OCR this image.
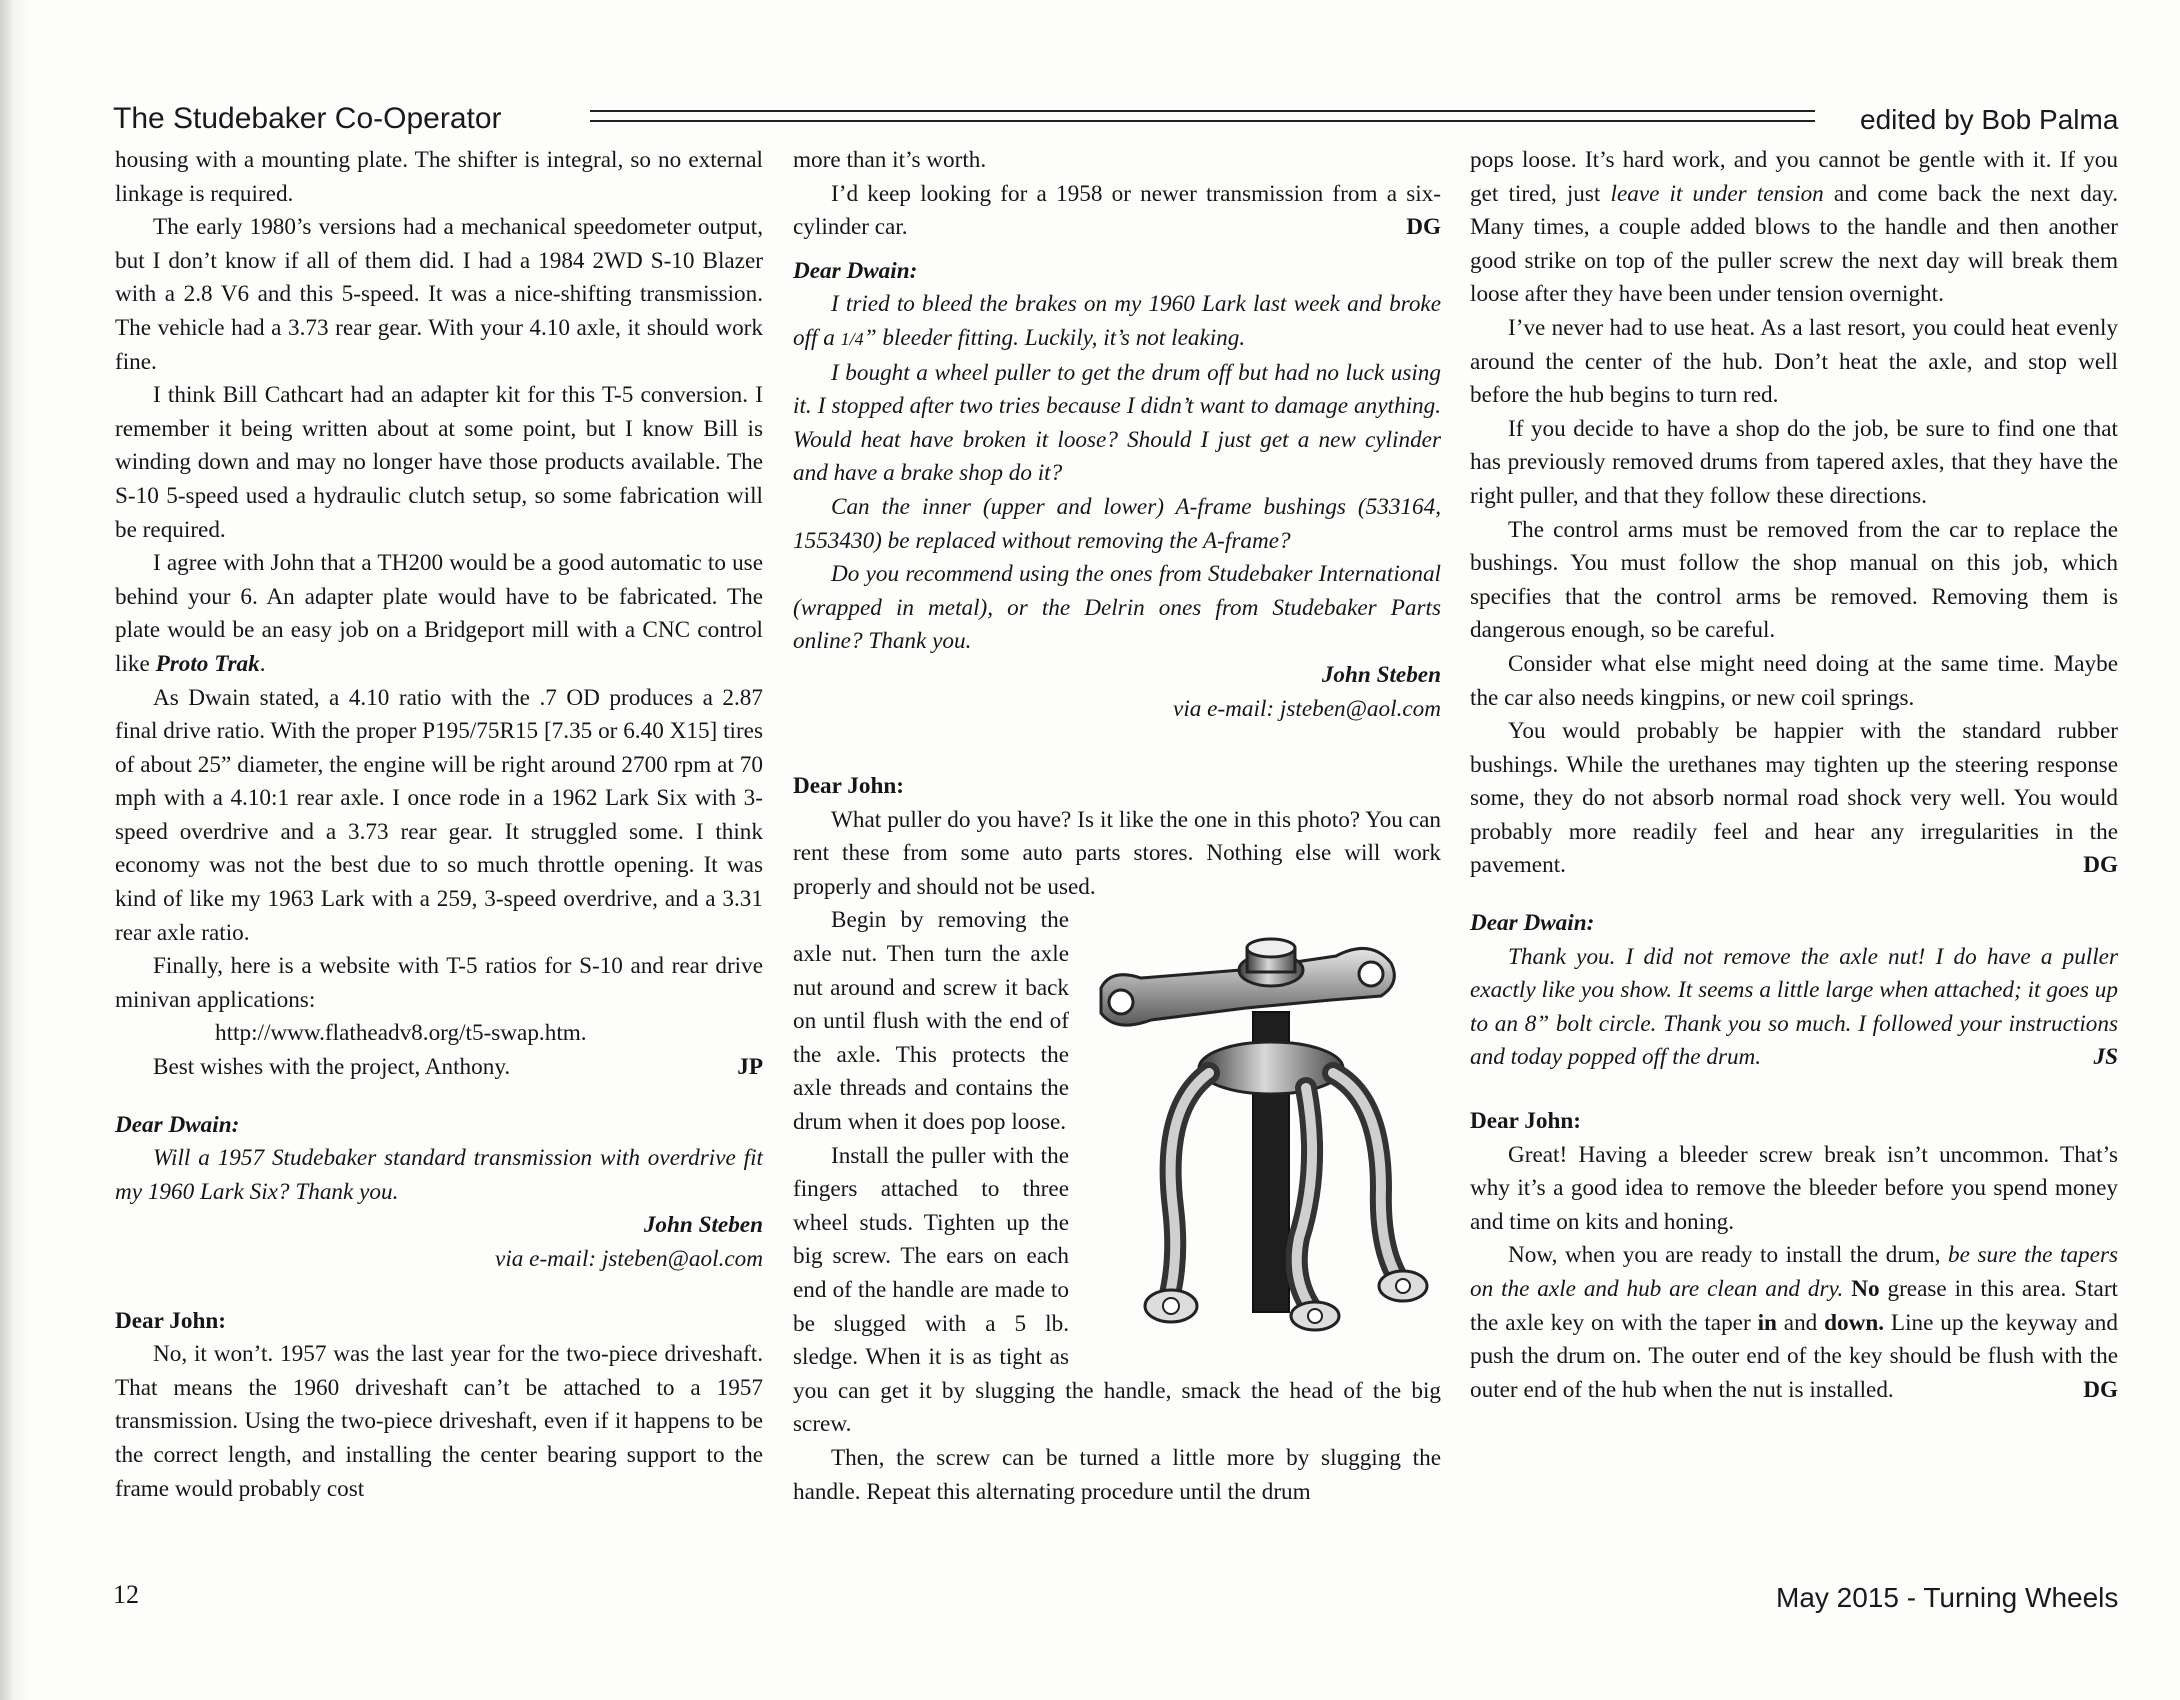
The Studebaker Co-Operator	edited by Bob Palma

housing with a mounting plate. The shifter is integral, so no external linkage is required.

The early 1980’s versions had a mechanical speedometer output, but I don’t know if all of them did. I had a 1984 2WD S-10 Blazer with a 2.8 V6 and this 5-speed. It was a nice-shifting transmission. The vehicle had a 3.73 rear gear. With your 4.10 axle, it should work fine.

I think Bill Cathcart had an adapter kit for this T-5 conversion. I remember it being written about at some point, but I know Bill is winding down and may no longer have those products available. The S-10 5-speed used a hydraulic clutch setup, so some fabrication will be required.

I agree with John that a TH200 would be a good automatic to use behind your 6. An adapter plate would have to be fabricated. The plate would be an easy job on a Bridgeport mill with a CNC control like Proto Trak.

As Dwain stated, a 4.10 ratio with the .7 OD produces a 2.87 final drive ratio. With the proper P195/75R15 [7.35 or 6.40 X15] tires of about 25” diameter, the engine will be right around 2700 rpm at 70 mph with a 4.10:1 rear axle. I once rode in a 1962 Lark Six with 3-speed overdrive and a 3.73 rear gear. It struggled some. I think economy was not the best due to so much throttle opening. It was kind of like my 1963 Lark with a 259, 3-speed overdrive, and a 3.31 rear axle ratio.

Finally, here is a website with T-5 ratios for S-10 and rear drive minivan applications:

http://www.flatheadv8.org/t5-swap.htm.

Best wishes with the project, Anthony.	JP

Dear Dwain:

Will a 1957 Studebaker standard transmission with overdrive fit my 1960 Lark Six? Thank you.

John Steben

via e-mail: jsteben@aol.com

Dear John:

No, it won’t. 1957 was the last year for the two-piece driveshaft. That means the 1960 driveshaft can’t be attached to a 1957 transmission. Using the two-piece driveshaft, even if it happens to be the correct length, and installing the center bearing support to the frame would probably cost

more than it’s worth.

I’d keep looking for a 1958 or newer transmission from a six-cylinder car.	DG

Dear Dwain:

I tried to bleed the brakes on my 1960 Lark last week and broke off a 1/4” bleeder fitting. Luckily, it’s not leaking.

I bought a wheel puller to get the drum off but had no luck using it. I stopped after two tries because I didn’t want to damage anything. Would heat have broken it loose? Should I just get a new cylinder and have a brake shop do it?

Can the inner (upper and lower) A-frame bushings (533164, 1553430) be replaced without removing the A-frame?

Do you recommend using the ones from Studebaker International (wrapped in metal), or the Delrin ones from Studebaker Parts online? Thank you.

John Steben

via e-mail: jsteben@aol.com

Dear John:

What puller do you have? Is it like the one in this photo? You can rent these from some auto parts stores. Nothing else will work properly and should not be used.

Begin by removing the axle nut. Then turn the axle nut around and screw it back on until flush with the end of the axle. This protects the axle threads and contains the drum when it does pop loose.

Install the puller with the fingers attached to three wheel studs. Tighten up the big screw. The ears on each end of the handle are made to be slugged with a 5 lb. sledge. When it is as tight as you can get it by slugging the handle, smack the head of the big screw.

Then, the screw can be turned a little more by slugging the handle. Repeat this alternating procedure until the drum

pops loose. It’s hard work, and you cannot be gentle with it. If you get tired, just leave it under tension and come back the next day. Many times, a couple added blows to the handle and then another good strike on top of the puller screw the next day will break them loose after they have been under tension overnight.

I’ve never had to use heat. As a last resort, you could heat evenly around the center of the hub. Don’t heat the axle, and stop well before the hub begins to turn red.

If you decide to have a shop do the job, be sure to find one that has previously removed drums from tapered axles, that they have the right puller, and that they follow these directions.

The control arms must be removed from the car to replace the bushings. You must follow the shop manual on this job, which specifies that the control arms be removed. Removing them is dangerous enough, so be careful.

Consider what else might need doing at the same time. Maybe the car also needs kingpins, or new coil springs.

You would probably be happier with the standard rubber bushings. While the urethanes may tighten up the steering response some, they do not absorb normal road shock very well. You would probably more readily feel and hear any irregularities in the pavement.	DG

Dear Dwain:

Thank you. I did not remove the axle nut! I do have a puller exactly like you show. It seems a little large when attached; it goes up to an 8” bolt circle. Thank you so much. I followed your instructions and today popped off the drum.	JS

Dear John:

Great! Having a bleeder screw break isn’t uncommon. That’s why it’s a good idea to remove the bleeder before you spend money and time on kits and honing.

Now, when you are ready to install the drum, be sure the tapers on the axle and hub are clean and dry. No grease in this area. Start the axle key on with the taper in and down. Line up the keyway and push the drum on. The outer end of the key should be flush with the outer end of the hub when the nut is installed.	DG

12	May 2015 - Turning Wheels
